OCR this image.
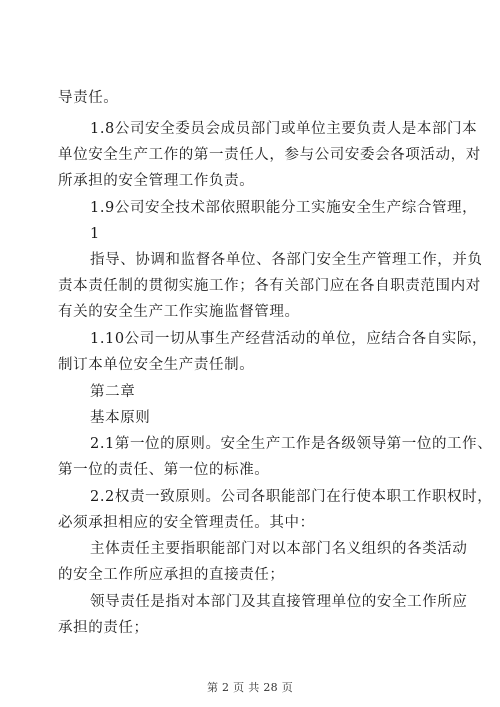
导责任。
1.8公司安全委员会成员部门或单位主要负责人是本部门本
单位安全生产工作的第一责任人，参与公司安委会各项活动，对
所承担的安全管理工作负责。
1.9公司安全技术部依照职能分工实施安全生产综合管理，
1
指导、协调和监督各单位、各部门安全生产管理工作，并负
责本责任制的贯彻实施工作；各有关部门应在各自职责范围内对
有关的安全生产工作实施监督管理。
1.10公司一切从事生产经营活动的单位，应结合各自实际，
制订本单位安全生产责任制。
第二章
基本原则
2.1第一位的原则。安全生产工作是各级领导第一位的工作、
第一位的责任、第一位的标准。
2.2权责一致原则。公司各职能部门在行使本职工作职权时，
必须承担相应的安全管理责任。其中：
主体责任主要指职能部门对以本部门名义组织的各类活动
的安全工作所应承担的直接责任；
领导责任是指对本部门及其直接管理单位的安全工作所应
承担的责任；
第 2 页 共 28 页
